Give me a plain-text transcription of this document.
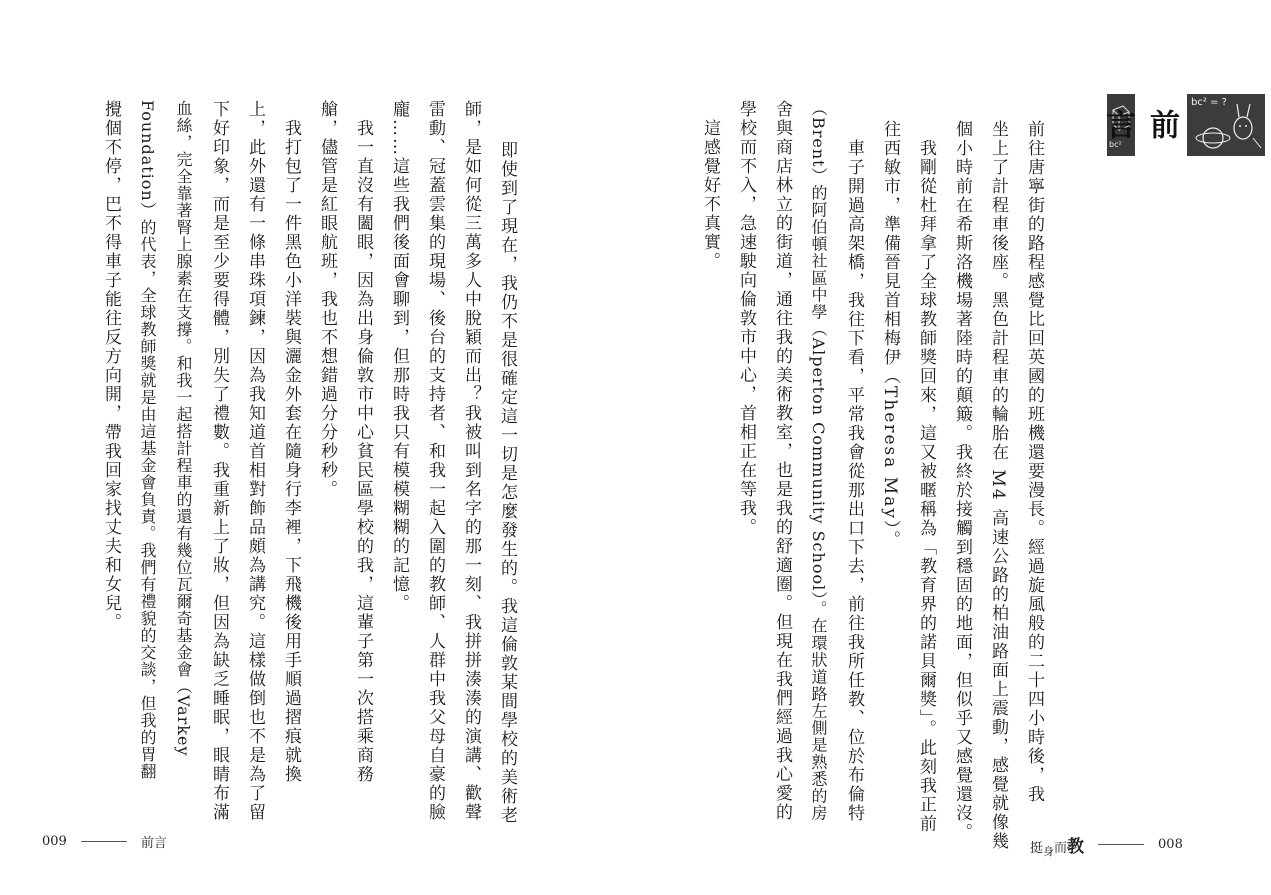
bc²
前言
bc² = ?
前往唐寧街的路程感覺比回英國的班機還要漫長。經過旋風般的二十四小時後，我
坐上了計程車後座。黑色計程車的輪胎在 M4 高速公路的柏油路面上震動，感覺就像幾
個小時前在希斯洛機場著陸時的顛簸。我終於接觸到穩固的地面，但似乎又感覺還沒。
　我剛從杜拜拿了全球教師獎回來，這又被暱稱為「教育界的諾貝爾獎」。此刻我正前
往西敏市，準備晉見首相梅伊（Theresa May）。
　車子開過高架橋，我往下看，平常我會從那出口下去，前往我所任教、位於布倫特
（Brent）的阿伯頓社區中學（Alperton Community School）。在環狀道路左側是熟悉的房
舍與商店林立的街道，通往我的美術教室，也是我的舒適圈。但現在我們經過我心愛的
學校而不入，急速駛向倫敦市中心，首相正在等我。
　這感覺好不真實。
挺$_身$而教	008
　即使到了現在，我仍不是很確定這一切是怎麼發生的。我這倫敦某間學校的美術老
師，是如何從三萬多人中脫穎而出？我被叫到名字的那一刻、我拼拼湊湊的演講、歡聲
雷動、冠蓋雲集的現場、後台的支持者、和我一起入圍的教師、人群中我父母自豪的臉
龐……這些我們後面會聊到，但那時我只有模模糊糊的記憶。
　我一直沒有闔眼，因為出身倫敦市中心貧民區學校的我，這輩子第一次搭乘商務
艙，儘管是紅眼航班，我也不想錯過分分秒秒。
　我打包了一件黑色小洋裝與灑金外套在隨身行李裡，下飛機後用手順過摺痕就換
上，此外還有一條串珠項鍊，因為我知道首相對飾品頗為講究。這樣做倒也不是為了留
下好印象，而是至少要得體，別失了禮數。我重新上了妝，但因為缺乏睡眠，眼睛布滿
血絲，完全靠著腎上腺素在支撐。和我一起搭計程車的還有幾位瓦爾奇基金會（Varkey
Foundation）的代表，全球教師獎就是由這基金會負責。我們有禮貌的交談，但我的胃翻
攪個不停，巴不得車子能往反方向開，帶我回家找丈夫和女兒。
009	前言
